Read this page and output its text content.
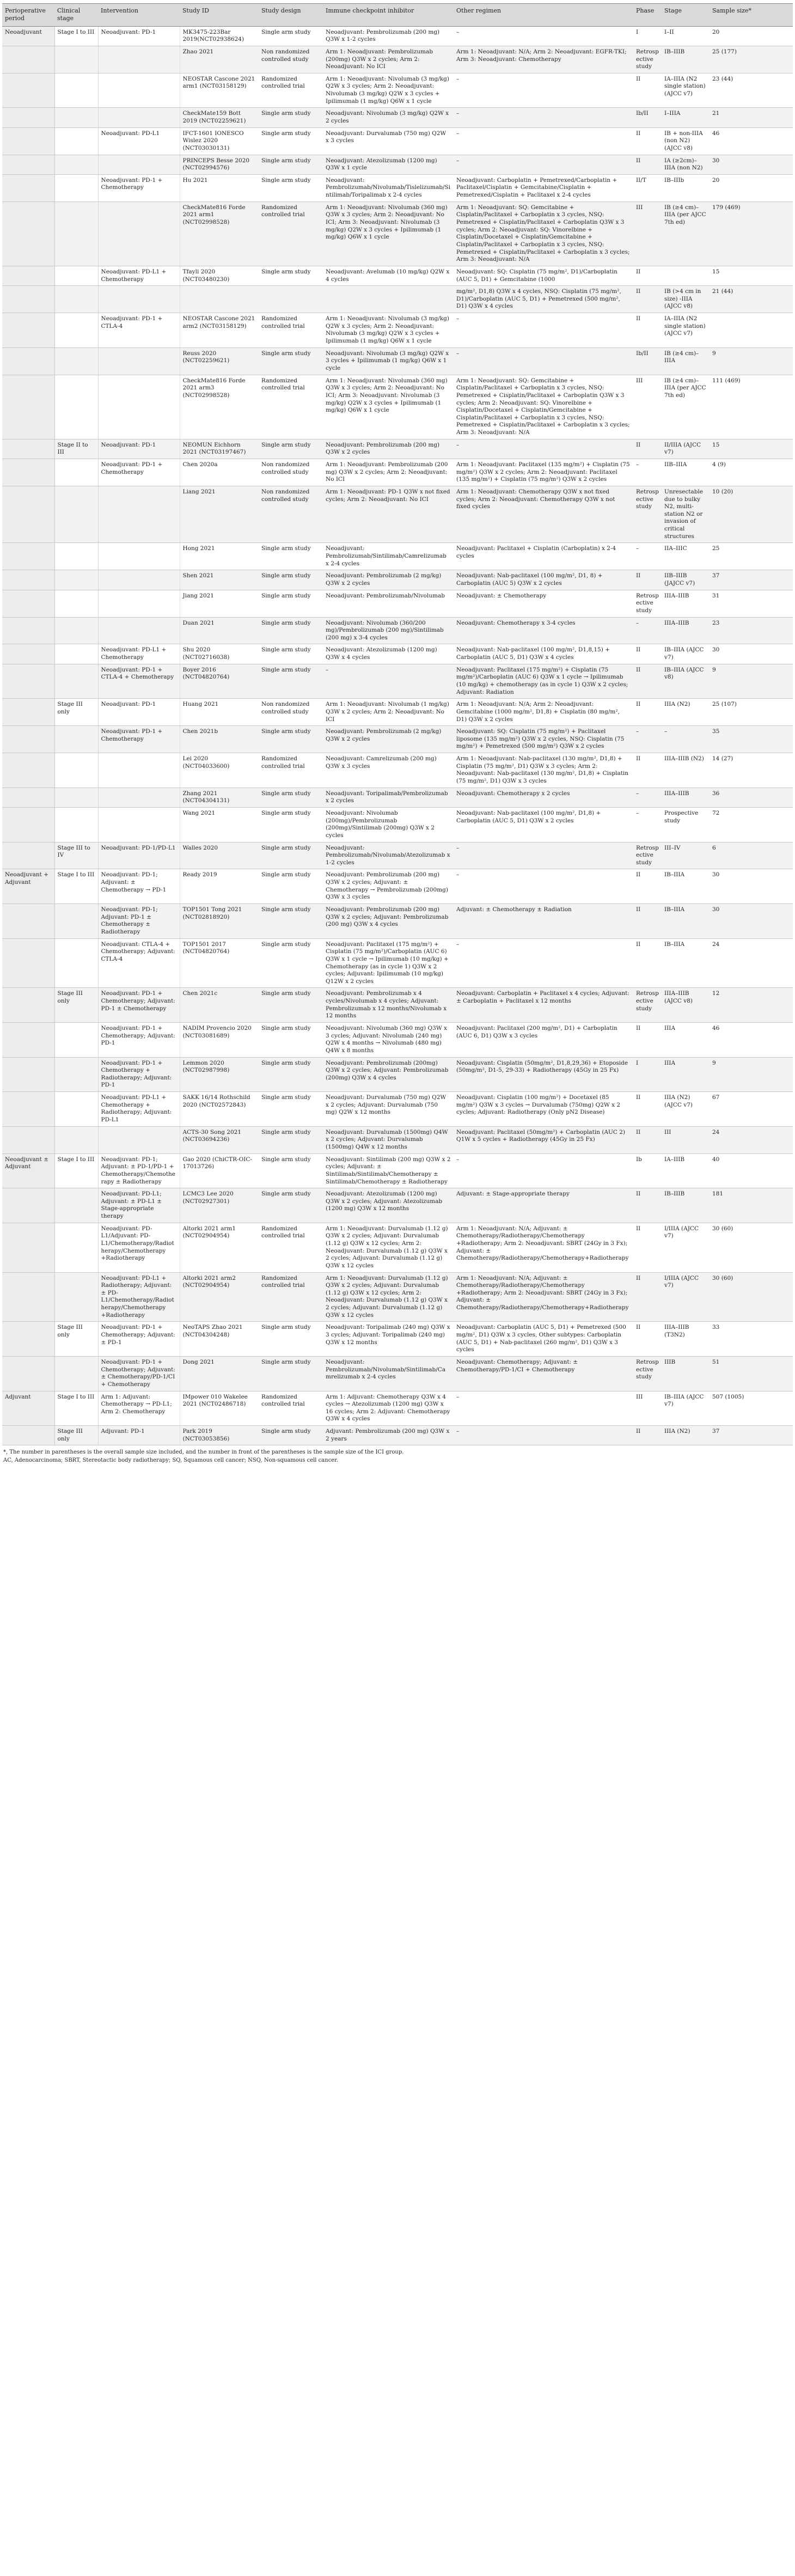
Perioperative period	Clinical stage	Intervention	Study ID	Study design	Immune checkpoint inhibitor	Other regimen	Phase	Stage	Sample size*
Neoadjuvant	Stage I to III	Neoadjuvant: PD-1	MK3475-223Bar 2019(NCT02938624)	Single arm study	Neoadjuvant: Pembrolizumab (200 mg) Q3W x 1-2 cycles	–	I	I–II	20
			Zhao 2021	Non randomized controlled study	Arm 1: Neoadjuvant: Pembrolizumab (200mg) Q3W x 2 cycles; Arm 2: Neoadjuvant: No ICI	Arm 1: Neoadjuvant: N/A; Arm 2: Neoadjuvant: EGFR-TKI; Arm 3: Neoadjuvant: Chemotherapy	Retrospective study	IB–IIIB	25 (177)
			NEOSTAR Cascone 2021 arm1 (NCT03158129)	Randomized controlled trial	Arm 1: Neoadjuvant: Nivolumab (3 mg/kg) Q2W x 3 cycles; Arm 2: Neoadjuvant: Nivolumab (3 mg/kg) Q2W x 3 cycles + Ipilimumab (1 mg/kg) Q6W x 1 cycle	–	II	IA–IIIA (N2 single station) (AJCC v7)	23 (44)
			CheckMate159 Bott 2019 (NCT02259621)	Single arm study	Neoadjuvant: Nivolumab (3 mg/kg) Q2W x 2 cycles	–	Ib/II	I–IIIA	21
		Neoadjuvant: PD-L1	IFCT-1601 IONESCO Wislez 2020 (NCT03030131)	Single arm study	Neoadjuvant: Durvalumab (750 mg) Q2W x 3 cycles	–	II	IB + non-IIIA (non N2) (AJCC v8)	46
			PRINCEPS Besse 2020 (NCT02994576)	Single arm study	Neoadjuvant: Atezolizumab (1200 mg) Q3W x 1 cycle	–	II	IA (≥2cm)–IIIA (non N2)	30
		Neoadjuvant: PD-1 + Chemotherapy	Hu 2021	Single arm study	Neoadjuvant: Pembrolizumab/Nivolumab/Tislelizumab/Sintilimab/Toripalimab x 2-4 cycles	Neoadjuvant: Carboplatin + Pemetrexed/Carboplatin + Paclitaxel/Cisplatin + Gemcitabine/Cisplatin + Pemetrexed/Cisplatin + Paclitaxel x 2-4 cycles	II/T	IB–IIIb	20
			CheckMate816 Forde 2021 arm1 (NCT02998528)	Randomized controlled trial	Arm 1: Neoadjuvant: Nivolumab (360 mg) Q3W x 3 cycles; Arm 2: Neoadjuvant: No ICI; Arm 3: Neoadjuvant: Nivolumab (3 mg/kg) Q2W x 3 cycles + Ipilimumab (1 mg/kg) Q6W x 1 cycle	Arm 1: Neoadjuvant: SQ: Gemcitabine + Cisplatin/Paclitaxel + Carboplatin x 3 cycles, NSQ: Pemetrexed + Cisplatin/Paclitaxel + Carboplatin Q3W x 3 cycles; Arm 2: Neoadjuvant: SQ: Vinorelbine + Cisplatin/Docetaxel + Cisplatin/Gemcitabine + Cisplatin/Paclitaxel + Carboplatin x 3 cycles, NSQ: Pemetrexed + Cisplatin/Paclitaxel + Carboplatin x 3 cycles; Arm 3: Neoadjuvant: N/A	III	IB (≥4 cm)–IIIA (per AJCC 7th ed)	179 (469)
		Neoadjuvant: PD-L1 + Chemotherapy	Tfayli 2020 (NCT03480230)	Single arm study	Neoadjuvant: Avelumab (10 mg/kg) Q2W x 4 cycles	Neoadjuvant: SQ: Cisplatin (75 mg/m², D1)/Carboplatin (AUC 5, D1) + Gemcitabine (1000	II		15
						mg/m², D1,8) Q3W x 4 cycles, NSQ: Cisplatin (75 mg/m², D1)/Carboplatin (AUC 5, D1) + Pemetrexed (500 mg/m², D1) Q3W x 4 cycles	II	IB (>4 cm in size) -IIIA (AJCC v8)	21 (44)
		Neoadjuvant: PD-1 + CTLA-4	NEOSTAR Cascone 2021 arm2 (NCT03158129)	Randomized controlled trial	Arm 1: Neoadjuvant: Nivolumab (3 mg/kg) Q2W x 3 cycles; Arm 2: Neoadjuvant: Nivolumab (3 mg/kg) Q2W x 3 cycles + Ipilimumab (1 mg/kg) Q6W x 1 cycle	–	II	IA–IIIA (N2 single station) (AJCC v7)	
			Reuss 2020 (NCT02259621)	Single arm study	Neoadjuvant: Nivolumab (3 mg/kg) Q2W x 3 cycles + Ipilimumab (1 mg/kg) Q6W x 1 cycle	–	Ib/II	IB (≥4 cm)–IIIA	9
			CheckMate816 Forde 2021 arm3 (NCT02998528)	Randomized controlled trial	Arm 1: Neoadjuvant: Nivolumab (360 mg) Q3W x 3 cycles; Arm 2: Neoadjuvant: No ICI; Arm 3: Neoadjuvant: Nivolumab (3 mg/kg) Q2W x 3 cycles + Ipilimumab (1 mg/kg) Q6W x 1 cycle	Arm 1: Neoadjuvant: SQ: Gemcitabine + Cisplatin/Paclitaxel + Carboplatin x 3 cycles, NSQ: Pemetrexed + Cisplatin/Paclitaxel + Carboplatin Q3W x 3 cycles; Arm 2: Neoadjuvant: SQ: Vinorelbine + Cisplatin/Docetaxel + Cisplatin/Gemcitabine + Cisplatin/Paclitaxel + Carboplatin x 3 cycles, NSQ: Pemetrexed + Cisplatin/Paclitaxel + Carboplatin x 3 cycles; Arm 3: Neoadjuvant: N/A	III	IB (≥4 cm)–IIIA (per AJCC 7th ed)	111 (469)
	Stage II to III	Neoadjuvant: PD-1	NEOMUN Eichhorn 2021 (NCT03197467)	Single arm study	Neoadjuvant: Pembrolizumab (200 mg) Q3W x 2 cycles	–	II	II/IIIA (AJCC v7)	15
		Neoadjuvant: PD-1 + Chemotherapy	Chen 2020a	Non randomized controlled study	Arm 1: Neoadjuvant: Pembrolizumab (200 mg) Q3W x 2 cycles; Arm 2: Neoadjuvant: No ICI	Arm 1: Neoadjuvant: Paclitaxel (135 mg/m²) + Cisplatin (75 mg/m²) Q3W x 2 cycles; Arm 2: Neoadjuvant: Paclitaxel (135 mg/m²) + Cisplatin (75 mg/m²) Q3W x 2 cycles	–	IIB–IIIA	4 (9)
			Liang 2021	Non randomized controlled study	Arm 1: Neoadjuvant: PD-1 Q3W x not fixed cycles; Arm 2: Neoadjuvant: No ICI	Arm 1: Neoadjuvant: Chemotherapy Q3W x not fixed cycles; Arm 2: Neoadjuvant: Chemotherapy Q3W x not fixed cycles	Retrospective study	Unresectable due to bulky N2, multi-station N2 or invasion of critical structures	10 (20)
			Hong 2021	Single arm study	Neoadjuvant: Pembrolizumab/Sintilimab/Camrelizumab x 2-4 cycles	Neoadjuvant: Paclitaxel + Cisplatin (Carboplatin) x 2-4 cycles	–	IIA–IIIC	25
			Shen 2021	Single arm study	Neoadjuvant: Pembrolizumab (2 mg/kg) Q3W x 2 cycles	Neoadjuvant: Nab-paclitaxel (100 mg/m², D1, 8) + Carboplatin (AUC 5) Q3W x 2 cycles	II	IIB–IIIB (JAJCC v7)	37
			Jiang 2021	Single arm study	Neoadjuvant: Pembrolizumab/Nivolumab	Neoadjuvant: ± Chemotherapy	Retrospective study	IIIA–IIIB	31
			Duan 2021	Single arm study	Neoadjuvant: Nivolumab (360/200 mg)/Pembrolizumab (200 mg)/Sintilimab (200 mg) x 3-4 cycles	Neoadjuvant: Chemotherapy x 3-4 cycles	–	IIIA–IIIB	23
		Neoadjuvant: PD-L1 + Chemotherapy	Shu 2020 (NCT02716038)	Single arm study	Neoadjuvant: Atezolizumab (1200 mg) Q3W x 4 cycles	Neoadjuvant: Nab-paclitaxel (100 mg/m², D1,8,15) + Carboplatin (AUC 5, D1) Q3W x 4 cycles	II	IB–IIIA (AJCC v7)	30
		Neoadjuvant: PD-1 + CTLA-4 + Chemotherapy	Boyer 2016 (NCT04820764)	Single arm study	–	Neoadjuvant: Paclitaxel (175 mg/m²) + Cisplatin (75 mg/m²)/Carboplatin (AUC 6) Q3W x 1 cycle → Ipilimumab (10 mg/kg) + chemotherapy (as in cycle 1) Q3W x 2 cycles; Adjuvant: Radiation	II	IB–IIIA (AJCC v8)	9
	Stage III only	Neoadjuvant: PD-1	Huang 2021	Non randomized controlled study	Arm 1: Neoadjuvant: Nivolumab (1 mg/kg) Q3W x 2 cycles; Arm 2: Neoadjuvant: No ICI	Arm 1: Neoadjuvant: N/A; Arm 2: Neoadjuvant: Gemcitabine (1000 mg/m², D1,8) + Cisplatin (80 mg/m², D1) Q3W x 2 cycles	II	IIIA (N2)	25 (107)
		Neoadjuvant: PD-1 + Chemotherapy	Chen 2021b	Single arm study	Neoadjuvant: Pembrolizumab (2 mg/kg) Q3W x 2 cycles	Neoadjuvant: SQ: Cisplatin (75 mg/m²) + Paclitaxel liposome (135 mg/m²) Q3W x 2 cycles, NSQ: Cisplatin (75 mg/m²) + Pemetrexed (500 mg/m²) Q3W x 2 cycles	–	–	35
			Lei 2020 (NCT04033600)	Randomized controlled trial	Neoadjuvant: Camrelizumab (200 mg) Q3W x 3 cycles	Arm 1: Neoadjuvant: Nab-paclitaxel (130 mg/m², D1,8) + Cisplatin (75 mg/m², D1) Q3W x 3 cycles; Arm 2: Neoadjuvant: Nab-paclitaxel (130 mg/m², D1,8) + Cisplatin (75 mg/m², D1) Q3W x 3 cycles	II	IIIA–IIIB (N2)	14 (27)
			Zhang 2021 (NCT04304131)	Single arm study	Neoadjuvant: Toripalimab/Pembrolizumab x 2 cycles	Neoadjuvant: Chemotherapy x 2 cycles	–	IIIA–IIIB	36
			Wang 2021	Single arm study	Neoadjuvant: Nivolumab (200mg)/Pembrolizumab (200mg)/Sintilimab (200mg) Q3W x 2 cycles	Neoadjuvant: Nab-paclitaxel (100 mg/m², D1,8) + Carboplatin (AUC 5, D1) Q3W x 2 cycles	–	Prospective study	72
	Stage III to IV	Neoadjuvant: PD-1/PD-L1	Walles 2020	Single arm study	Neoadjuvant: Pembrolizumab/Nivolumab/Atezolizumab x 1-2 cycles	–	Retrospective study	III–IV	6
Neoadjuvant + Adjuvant	Stage I to III	Neoadjuvant: PD-1; Adjuvant: ± Chemotherapy → PD-1	Ready 2019	Single arm study	Neoadjuvant: Pembrolizumab (200 mg) Q3W x 2 cycles; Adjuvant: ± Chemotherapy → Pembrolizumab (200mg) Q3W x 3 cycles	–	II	IB–IIIA	30
		Neoadjuvant: PD-1; Adjuvant: PD-1 ± Chemotherapy ± Radiotherapy	TOP1501 Tong 2021 (NCT02818920)	Single arm study	Neoadjuvant: Pembrolizumab (200 mg) Q3W x 2 cycles; Adjuvant: Pembrolizumab (200 mg) Q3W x 4 cycles	Adjuvant: ± Chemotherapy ± Radiation	II	IB–IIIA	30
		Neoadjuvant: CTLA-4 + Chemotherapy; Adjuvant: CTLA-4	TOP1501 2017 (NCT04820764)	Single arm study	Neoadjuvant: Paclitaxel (175 mg/m²) + Cisplatin (75 mg/m²)/Carboplatin (AUC 6) Q3W x 1 cycle → Ipilimumab (10 mg/kg) + Chemotherapy (as in cycle 1) Q3W x 2 cycles; Adjuvant: Ipilimumab (10 mg/kg) Q12W x 2 cycles	–	II	IB–IIIA	24
	Stage III only	Neoadjuvant: PD-1 + Chemotherapy; Adjuvant: PD-1 ± Chemotherapy	Chen 2021c	Single arm study	Neoadjuvant: Pembrolizumab x 4 cycles/Nivolumab x 4 cycles; Adjuvant: Pembrolizumab x 12 months/Nivolumab x 12 months	Neoadjuvant: Carboplatin + Paclitaxel x 4 cycles; Adjuvant: ± Carboplatin + Paclitaxel x 12 months	Retrospective study	IIIA–IIIB (AJCC v8)	12
		Neoadjuvant: PD-1 + Chemotherapy; Adjuvant: PD-1	NADIM Provencio 2020 (NCT03081689)	Single arm study	Neoadjuvant: Nivolumab (360 mg) Q3W x 3 cycles; Adjuvant: Nivolumab (240 mg) Q2W x 4 months → Nivolumab (480 mg) Q4W x 8 months	Neoadjuvant: Paclitaxel (200 mg/m², D1) + Carboplatin (AUC 6, D1) Q3W x 3 cycles	II	IIIA	46
		Neoadjuvant: PD-1 + Chemotherapy + Radiotherapy; Adjuvant: PD-1	Lemmon 2020 (NCT02987998)	Single arm study	Neoadjuvant: Pembrolizumab (200mg) Q3W x 2 cycles; Adjuvant: Pembrolizumab (200mg) Q3W x 4 cycles	Neoadjuvant: Cisplatin (50mg/m², D1,8,29,36) + Etoposide (50mg/m², D1-5, 29-33) + Radiotherapy (45Gy in 25 Fx)	I	IIIA	9
		Neoadjuvant: PD-L1 + Chemotherapy + Radiotherapy; Adjuvant: PD-L1	SAKK 16/14 Rothschild 2020 (NCT02572843)	Single arm study	Neoadjuvant: Durvalumab (750 mg) Q2W x 2 cycles; Adjuvant: Durvalumab (750 mg) Q2W x 12 months	Neoadjuvant: Cisplatin (100 mg/m²) + Docetaxel (85 mg/m²) Q3W x 3 cycles → Durvalumab (750mg) Q2W x 2 cycles; Adjuvant: Radiotherapy (Only pN2 Disease)	II	IIIA (N2) (AJCC v7)	67
			ACTS-30 Song 2021 (NCT03694236)	Single arm study	Neoadjuvant: Durvalumab (1500mg) Q4W x 2 cycles; Adjuvant: Durvalumab (1500mg) Q4W x 12 months	Neoadjuvant: Paclitaxel (50mg/m²) + Carboplatin (AUC 2) Q1W x 5 cycles + Radiotherapy (45Gy in 25 Fx)	II	III	24
Neoadjuvant ± Adjuvant	Stage I to III	Neoadjuvant: PD-1; Adjuvant: ± PD-1/PD-1 + Chemotherapy/Chemotherapy ± Radiotherapy	Gao 2020 (ChiCTR-OIC-17013726)	Single arm study	Neoadjuvant: Sintilimab (200 mg) Q3W x 2 cycles; Adjuvant: ± Sintilimab/Sintilimab/Chemotherapy ± Sintilimab/Chemotherapy ± Radiotherapy	–	Ib	IA–IIIB	40
		Neoadjuvant: PD-L1; Adjuvant: ± PD-L1 ± Stage-appropriate therapy	LCMC3 Lee 2020 (NCT02927301)	Single arm study	Neoadjuvant: Atezolizumab (1200 mg) Q3W x 2 cycles; Adjuvant: Atezolizumab (1200 mg) Q3W x 12 months	Adjuvant: ± Stage-appropriate therapy	II	IB–IIIB	181
		Neoadjuvant: PD-L1/Adjuvant: PD-L1/Chemotherapy/Radiotherapy/Chemotherapy +Radiotherapy	Altorki 2021 arm1 (NCT02904954)	Randomized controlled trial	Arm 1: Neoadjuvant: Durvalumab (1.12 g) Q3W x 2 cycles; Adjuvant: Durvalumab (1.12 g) Q3W x 12 cycles; Arm 2: Neoadjuvant: Durvalumab (1.12 g) Q3W x 2 cycles; Adjuvant: Durvalumab (1.12 g) Q3W x 12 cycles	Arm 1: Neoadjuvant: N/A; Adjuvant: ± Chemotherapy/Radiotherapy/Chemotherapy +Radiotherapy; Arm 2: Neoadjuvant: SBRT (24Gy in 3 Fx); Adjuvant: ± Chemotherapy/Radiotherapy/Chemotherapy+Radiotherapy	II	I/IIIA (AJCC v7)	30 (60)
		Neoadjuvant: PD-L1 + Radiotherapy; Adjuvant: ± PD-L1/Chemotherapy/Radiotherapy/Chemotherapy +Radiotherapy	Altorki 2021 arm2 (NCT02904954)	Randomized controlled trial	Arm 1: Neoadjuvant: Durvalumab (1.12 g) Q3W x 2 cycles; Adjuvant: Durvalumab (1.12 g) Q3W x 12 cycles; Arm 2: Neoadjuvant: Durvalumab (1.12 g) Q3W x 2 cycles; Adjuvant: Durvalumab (1.12 g) Q3W x 12 cycles	Arm 1: Neoadjuvant: N/A; Adjuvant: ± Chemotherapy/Radiotherapy/Chemotherapy +Radiotherapy; Arm 2: Neoadjuvant: SBRT (24Gy in 3 Fx); Adjuvant: ± Chemotherapy/Radiotherapy/Chemotherapy+Radiotherapy	II	I/IIIA (AJCC v7)	30 (60)
	Stage III only	Neoadjuvant: PD-1 + Chemotherapy; Adjuvant: ± PD-1	NeoTAPS Zhao 2021 (NCT04304248)	Single arm study	Neoadjuvant: Toripalimab (240 mg) Q3W x 3 cycles; Adjuvant: Toripalimab (240 mg) Q3W x 12 months	Neoadjuvant: Carboplatin (AUC 5, D1) + Pemetrexed (500 mg/m², D1) Q3W x 3 cycles, Other subtypes: Carboplatin (AUC 5, D1) + Nab-paclitaxel (260 mg/m², D1) Q3W x 3 cycles	II	IIIA–IIIB (T3N2)	33
		Neoadjuvant: PD-1 + Chemotherapy; Adjuvant: ± Chemotherapy/PD-1/CI + Chemotherapy	Dong 2021	Single arm study	Neoadjuvant: Pembrolizumab/Nivolumab/Sintilimab/Camrelizumab x 2-4 cycles	Neoadjuvant: Chemotherapy; Adjuvant: ± Chemotherapy/PD-1/CI + Chemotherapy	Retrospective study	IIIB	51
Adjuvant	Stage I to III	Arm 1: Adjuvant: Chemotherapy → PD-L1; Arm 2: Chemotherapy	IMpower 010 Wakelee 2021 (NCT02486718)	Randomized controlled trial	Arm 1: Adjuvant: Chemotherapy Q3W x 4 cycles → Atezolizumab (1200 mg) Q3W x 16 cycles; Arm 2: Adjuvant: Chemotherapy Q3W x 4 cycles	–	III	IB–IIIA (AJCC v7)	507 (1005)
	Stage III only	Adjuvant: PD-1	Park 2019 (NCT03053856)	Single arm study	Adjuvant: Pembrolizumab (200 mg) Q3W x 2 years	–	II	IIIA (N2)	37
*, The number in parentheses is the overall sample size included, and the number in front of the parentheses is the sample size of the ICI group.
AC, Adenocarcinoma; SBRT, Stereotactic body radiotherapy; SQ, Squamous cell cancer; NSQ, Non-squamous cell cancer.
